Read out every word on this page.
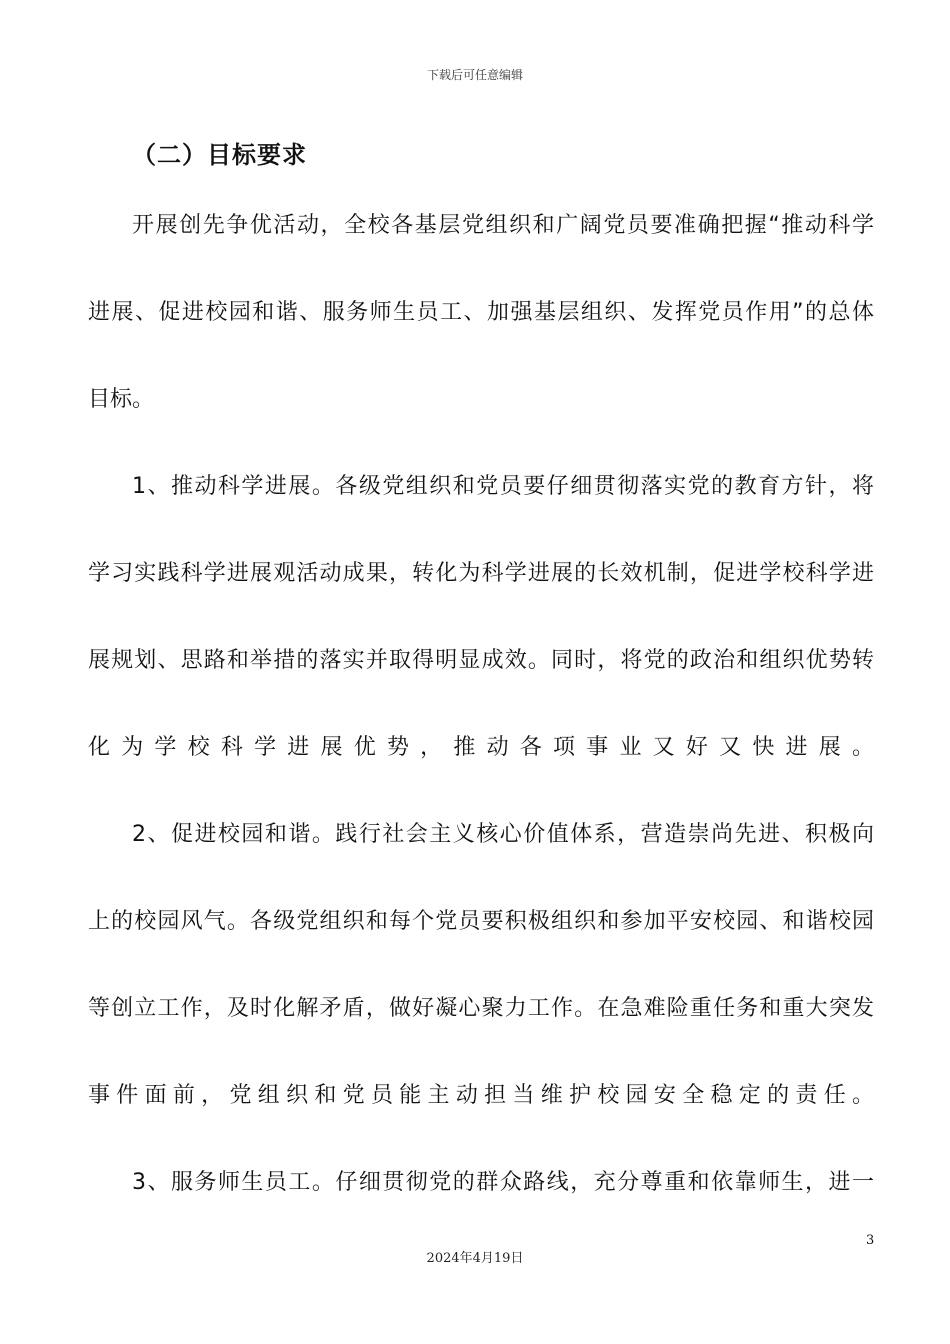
下载后可任意编辑
（二）目标要求

开展创先争优活动，全校各基层党组织和广阔党员要准确把握“推动科学

进展、促进校园和谐、服务师生员工、加强基层组织、发挥党员作用”的总体

目标。

1、推动科学进展。各级党组织和党员要仔细贯彻落实党的教育方针，将

学习实践科学进展观活动成果，转化为科学进展的长效机制，促进学校科学进

展规划、思路和举措的落实并取得明显成效。同时，将党的政治和组织优势转

化为学校科学进展优势，推动各项事业又好又快进展。

2、促进校园和谐。践行社会主义核心价值体系，营造崇尚先进、积极向

上的校园风气。各级党组织和每个党员要积极组织和参加平安校园、和谐校园

等创立工作，及时化解矛盾，做好凝心聚力工作。在急难险重任务和重大突发

事件面前，党组织和党员能主动担当维护校园安全稳定的责任。

3、服务师生员工。仔细贯彻党的群众路线，充分尊重和依靠师生，进一

3
2024年4月19日
